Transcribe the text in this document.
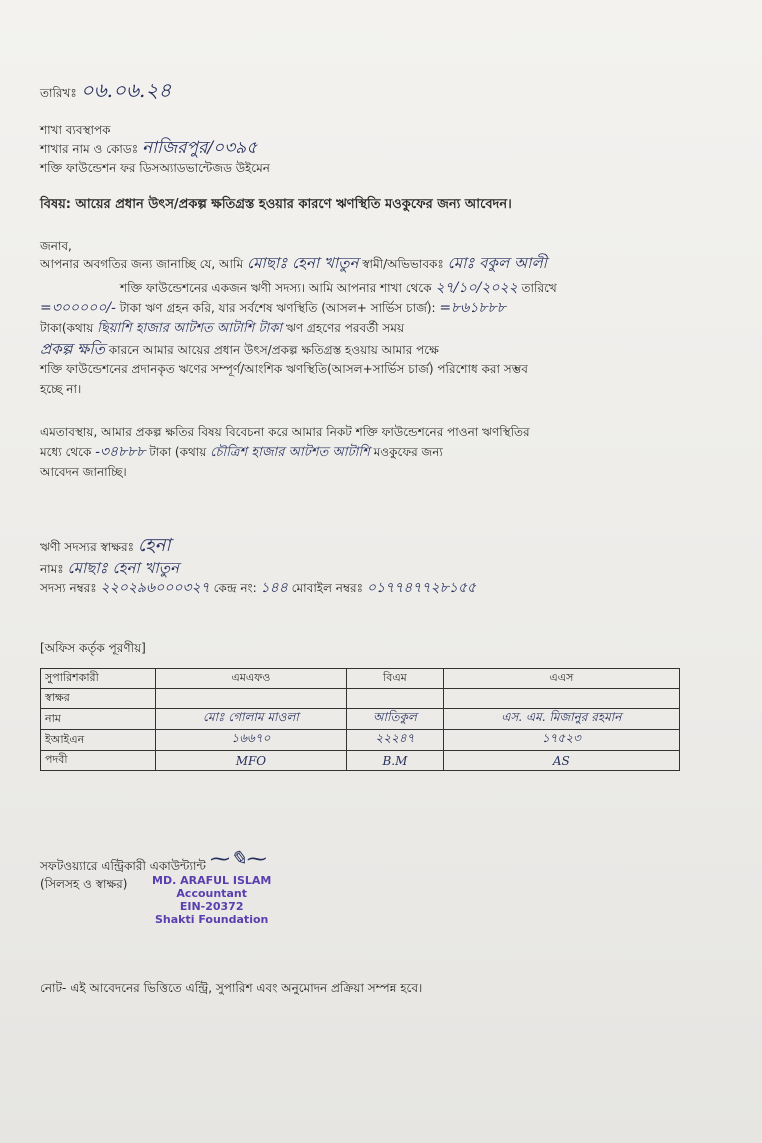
তারিখঃ ০৬.০৬.২৪
শাখা ব্যবস্থাপক
শাখার নাম ও কোডঃ নাজিরপুর/০৩৯৫
শক্তি ফাউন্ডেশন ফর ডিসঅ্যাডভান্টেজড উইমেন
বিষয়: আয়ের প্রধান উৎস/প্রকল্প ক্ষতিগ্রস্ত হওয়ার কারণে ঋণস্থিতি মওকুফের জন্য আবেদন।
জনাব,
আপনার অবগতির জন্য জানাচ্ছি যে, আমি মোছাঃ হেনা খাতুন স্বামী/অভিভাবকঃ মোঃ বকুল আলী
শক্তি ফাউন্ডেশনের একজন ঋণী সদস্য। আমি আপনার শাখা থেকে ২৭/১০/২০২২ তারিখে
=৩০০০০০/- টাকা ঋণ গ্রহন করি, যার সর্বশেষ ঋণস্থিতি (আসল+ সার্ভিস চার্জ): =৮৬১৮৮৮
টাকা(কথায় ছিয়াশি হাজার আটশত আটাশি টাকা ঋণ গ্রহণের পরবর্তী সময়
প্রকল্প ক্ষতি কারনে আমার আয়ের প্রধান উৎস/প্রকল্প ক্ষতিগ্রস্ত হওয়ায় আমার পক্ষে
শক্তি ফাউন্ডেশনের প্রদানকৃত ঋণের সম্পূর্ণ/আংশিক ঋণস্থিতি(আসল+সার্ভিস চার্জ) পরিশোধ করা সম্ভব
হচ্ছে না।
এমতাবস্থায়, আমার প্রকল্প ক্ষতির বিষয় বিবেচনা করে আমার নিকট শক্তি ফাউন্ডেশনের পাওনা ঋণস্থিতির
মধ্যে থেকে -৩৪৮৮৮ টাকা (কথায় চৌত্রিশ হাজার আটশত আটাশি মওকুফের জন্য
আবেদন জানাচ্ছি।
ঋণী সদস্যর স্বাক্ষরঃ হেনা
নামঃ মোছাঃ হেনা খাতুন
সদস্য নম্বরঃ ২২০২৯৬০০০৩২৭ কেন্দ্র নং: ১৪৪ মোবাইল নম্বরঃ ০১৭৭৪৭৭২৮১৫৫
[অফিস কর্তৃক পূরণীয়]
সুপারিশকারী	এমএফও	বিএম	এএস
স্বাক্ষর			
নাম	মোঃ গোলাম মাওলা	আতিকুল	এস. এম. মিজানুর রহমান
ইআইএন	১৬৬৭০	২২২৪৭	১৭৫২৩
পদবী	MFO	B.M	AS
সফটওয়্যারে এন্ট্রিকারী একাউন্ট্যান্ট
(সিলসহ ও স্বাক্ষর)
⁓✎⁓
MD. ARAFUL ISLAM
Accountant
EIN-20372
Shakti Foundation
নোট- এই আবেদনের ভিত্তিতে এন্ট্রি, সুপারিশ এবং অনুমোদন প্রক্রিয়া সম্পন্ন হবে।
